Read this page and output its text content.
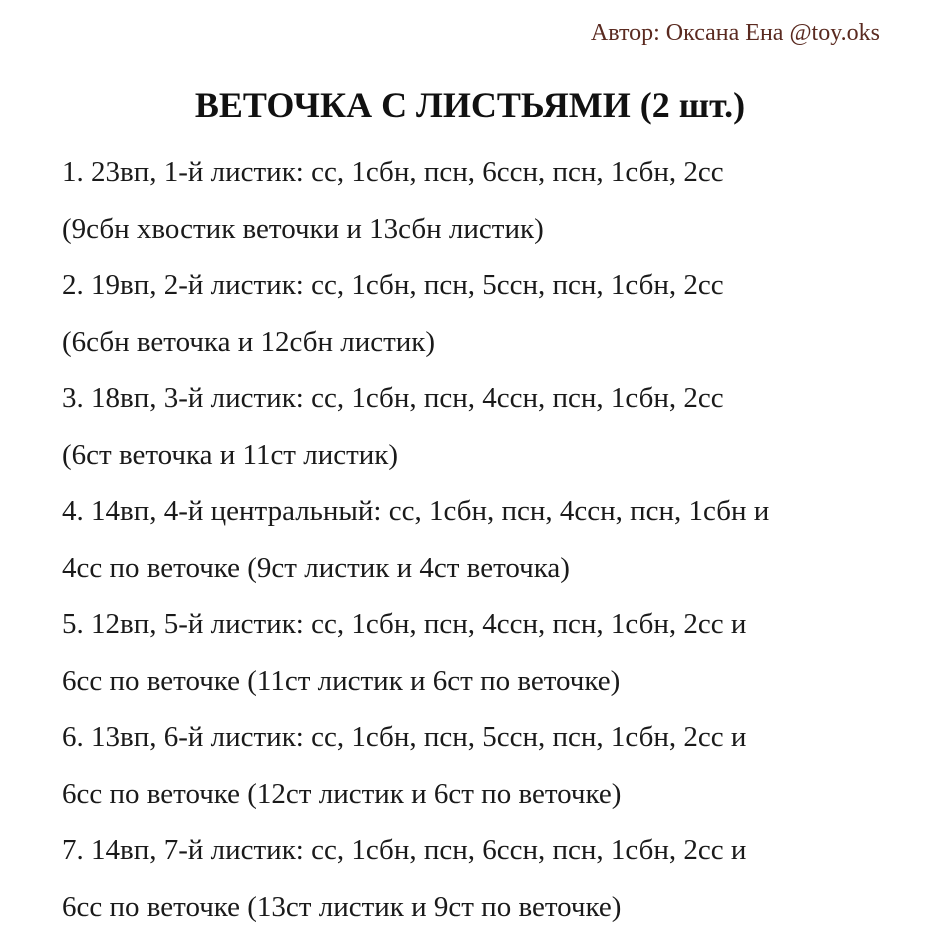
Автор: Оксана Ена @toy.oks
ВЕТОЧКА С ЛИСТЬЯМИ (2 шт.)
1. 23вп, 1-й листик: сс, 1сбн, псн, 6ссн, псн, 1сбн, 2сс
(9сбн хвостик веточки и 13сбн листик)
2. 19вп, 2-й листик: сс, 1сбн, псн, 5ссн, псн, 1сбн, 2сс
(6сбн веточка и 12сбн листик)
3. 18вп, 3-й листик: сс, 1сбн, псн, 4ссн, псн, 1сбн, 2сс
(6ст веточка и 11ст листик)
4. 14вп, 4-й центральный: сс, 1сбн, псн, 4ссн, псн, 1сбн и
4сс по веточке (9ст листик и 4ст веточка)
5. 12вп, 5-й листик: сс, 1сбн, псн, 4ссн, псн, 1сбн, 2сс и
6сс по веточке (11ст листик и 6ст по веточке)
6. 13вп, 6-й листик: сс, 1сбн, псн, 5ссн, псн, 1сбн, 2сс и
6сс по веточке (12ст листик и 6ст по веточке)
7. 14вп, 7-й листик: сс, 1сбн, псн, 6ссн, псн, 1сбн, 2сс и
6сс по веточке (13ст листик и 9ст по веточке)
